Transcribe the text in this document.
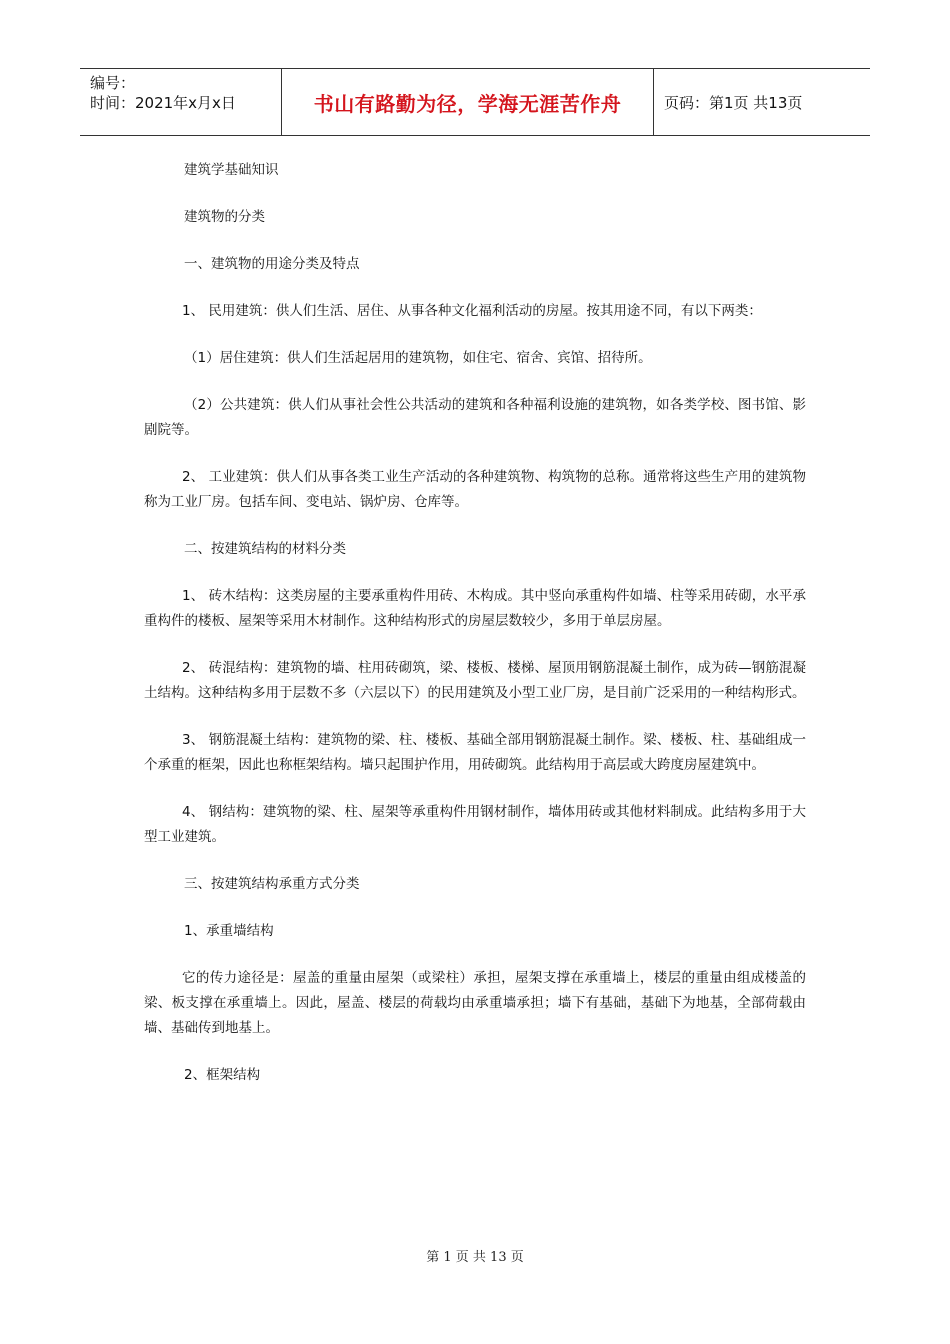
编号：
时间：2021年x月x日	书山有路勤为径，学海无涯苦作舟	页码：第1页 共13页

建筑学基础知识

建筑物的分类

一、建筑物的用途分类及特点

1、 民用建筑：供人们生活、居住、从事各种文化福利活动的房屋。按其用途不同，有以下两类：

（1）居住建筑：供人们生活起居用的建筑物，如住宅、宿舍、宾馆、招待所。

（2）公共建筑：供人们从事社会性公共活动的建筑和各种福利设施的建筑物，如各类学校、图书馆、影剧院等。

2、 工业建筑：供人们从事各类工业生产活动的各种建筑物、构筑物的总称。通常将这些生产用的建筑物称为工业厂房。包括车间、变电站、锅炉房、仓库等。

二、按建筑结构的材料分类

1、 砖木结构：这类房屋的主要承重构件用砖、木构成。其中竖向承重构件如墙、柱等采用砖砌，水平承重构件的楼板、屋架等采用木材制作。这种结构形式的房屋层数较少，多用于单层房屋。

2、 砖混结构：建筑物的墙、柱用砖砌筑，梁、楼板、楼梯、屋顶用钢筋混凝土制作，成为砖—钢筋混凝土结构。这种结构多用于层数不多（六层以下）的民用建筑及小型工业厂房，是目前广泛采用的一种结构形式。

3、 钢筋混凝土结构：建筑物的梁、柱、楼板、基础全部用钢筋混凝土制作。梁、楼板、柱、基础组成一个承重的框架，因此也称框架结构。墙只起围护作用，用砖砌筑。此结构用于高层或大跨度房屋建筑中。

4、 钢结构：建筑物的梁、柱、屋架等承重构件用钢材制作，墙体用砖或其他材料制成。此结构多用于大型工业建筑。

三、按建筑结构承重方式分类

1、承重墙结构

它的传力途径是：屋盖的重量由屋架（或梁柱）承担，屋架支撑在承重墙上，楼层的重量由组成楼盖的梁、板支撑在承重墙上。因此，屋盖、楼层的荷载均由承重墙承担；墙下有基础，基础下为地基，全部荷载由墙、基础传到地基上。

2、框架结构

第 1 页 共 13 页
